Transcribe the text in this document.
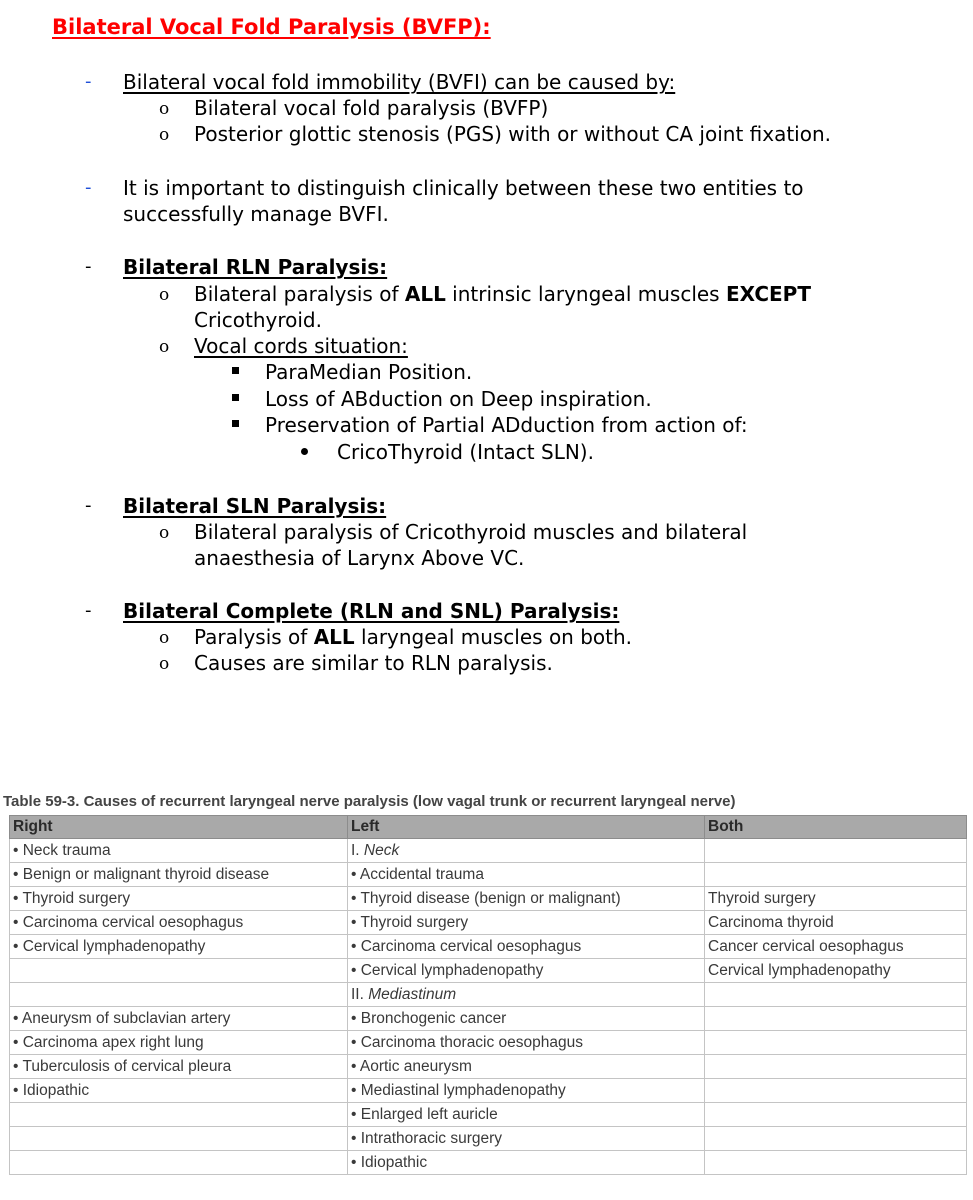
Bilateral Vocal Fold Paralysis (BVFP):
- Bilateral vocal fold immobility (BVFI) can be caused by:
o Bilateral vocal fold paralysis (BVFP)
o Posterior glottic stenosis (PGS) with or without CA joint fixation.
- It is important to distinguish clinically between these two entities to
successfully manage BVFI.
- Bilateral RLN Paralysis:
o Bilateral paralysis of ALL intrinsic laryngeal muscles EXCEPT
Cricothyroid.
o Vocal cords situation:
ParaMedian Position.
Loss of ABduction on Deep inspiration.
Preservation of Partial ADduction from action of:
CricoThyroid (Intact SLN).
- Bilateral SLN Paralysis:
o Bilateral paralysis of Cricothyroid muscles and bilateral
anaesthesia of Larynx Above VC.
- Bilateral Complete (RLN and SNL) Paralysis:
o Paralysis of ALL laryngeal muscles on both.
o Causes are similar to RLN paralysis.
Table 59-3. Causes of recurrent laryngeal nerve paralysis (low vagal trunk or recurrent laryngeal nerve)
Right	Left	Both
• Neck trauma	I. Neck	
• Benign or malignant thyroid disease	• Accidental trauma	
• Thyroid surgery	• Thyroid disease (benign or malignant)	Thyroid surgery
• Carcinoma cervical oesophagus	• Thyroid surgery	Carcinoma thyroid
• Cervical lymphadenopathy	• Carcinoma cervical oesophagus	Cancer cervical oesophagus
	• Cervical lymphadenopathy	Cervical lymphadenopathy
	II. Mediastinum	
• Aneurysm of subclavian artery	• Bronchogenic cancer	
• Carcinoma apex right lung	• Carcinoma thoracic oesophagus	
• Tuberculosis of cervical pleura	• Aortic aneurysm	
• Idiopathic	• Mediastinal lymphadenopathy	
	• Enlarged left auricle	
	• Intrathoracic surgery	
	• Idiopathic	
